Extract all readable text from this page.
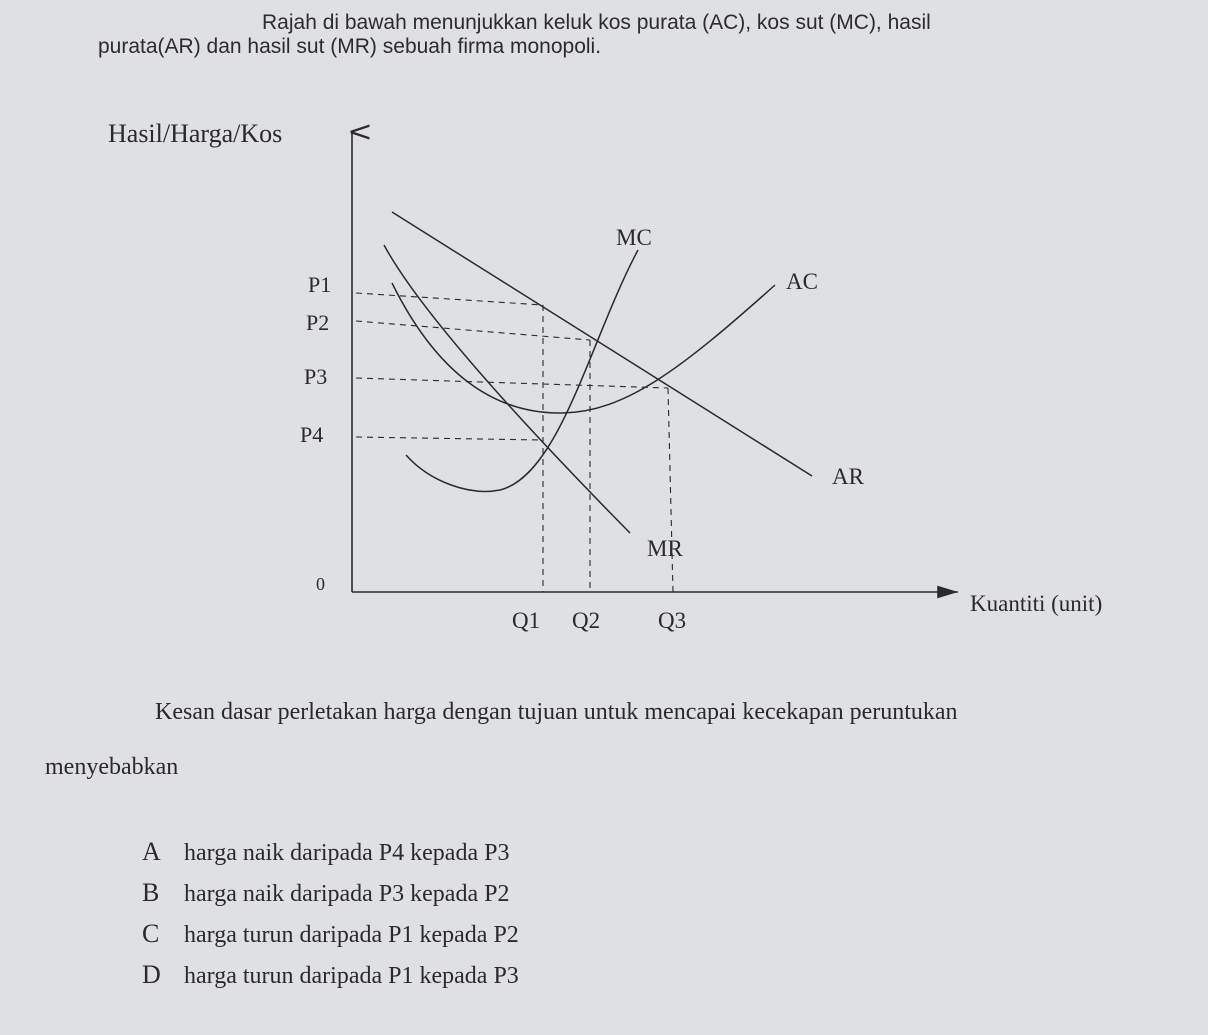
Rajah di bawah menunjukkan keluk kos purata (AC), kos sut (MC), hasil

purata(AR) dan hasil sut (MR) sebuah firma monopoli.

Hasil/Harga/Kos
Kuantiti (unit)
0
P1
P2
P3
P4
Q1 Q2	Q3
MC
AC
AR
MR

Kesan dasar perletakan harga dengan tujuan untuk mencapai kecekapan peruntukan

menyebabkan

A harga naik daripada P4 kepada P3
B harga naik daripada P3 kepada P2
C harga turun daripada P1 kepada P2
D harga turun daripada P1 kepada P3
